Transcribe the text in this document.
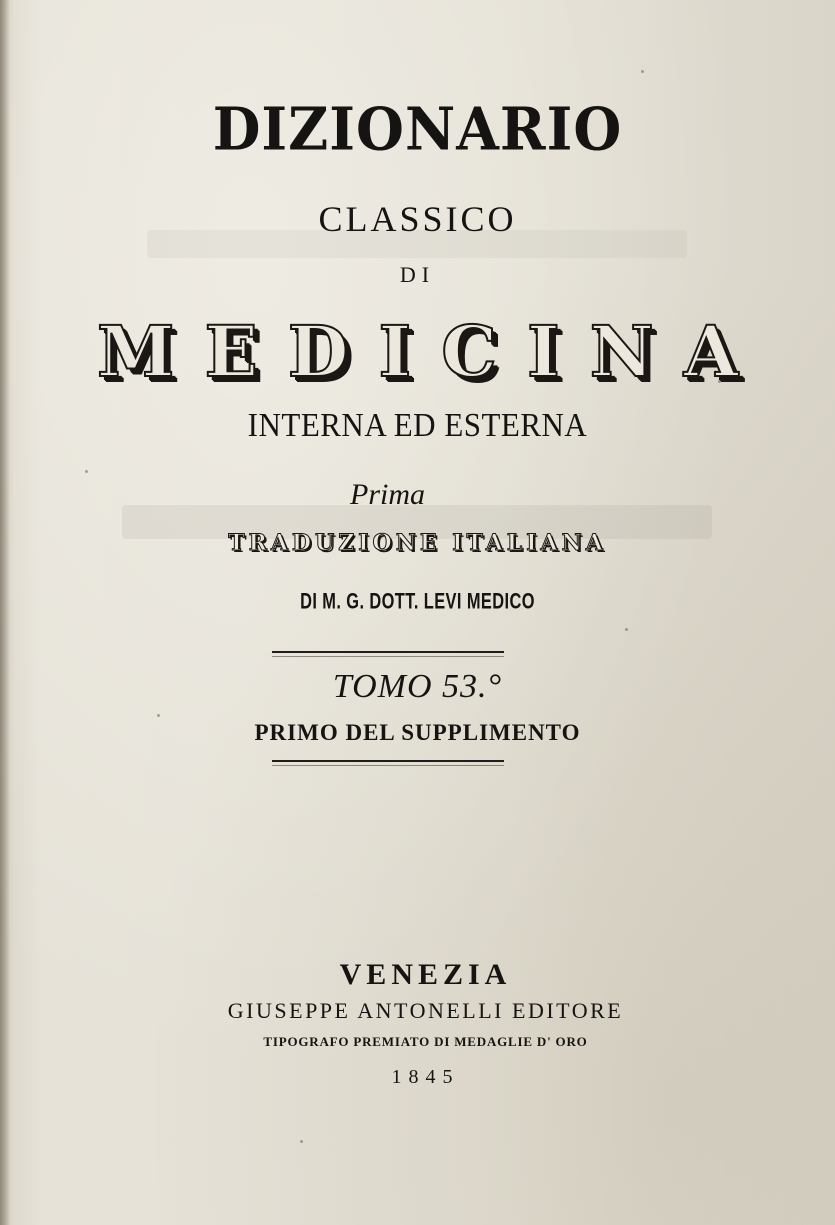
DIZIONARIO
CLASSICO
DI
MEDICINA
INTERNA ED ESTERNA
Prima
TRADUZIONE ITALIANA
DI M. G. DOTT. LEVI MEDICO
TOMO 53.°
PRIMO DEL SUPPLIMENTO
VENEZIA
GIUSEPPE ANTONELLI EDITORE
TIPOGRAFO PREMIATO DI MEDAGLIE D' ORO
1845
